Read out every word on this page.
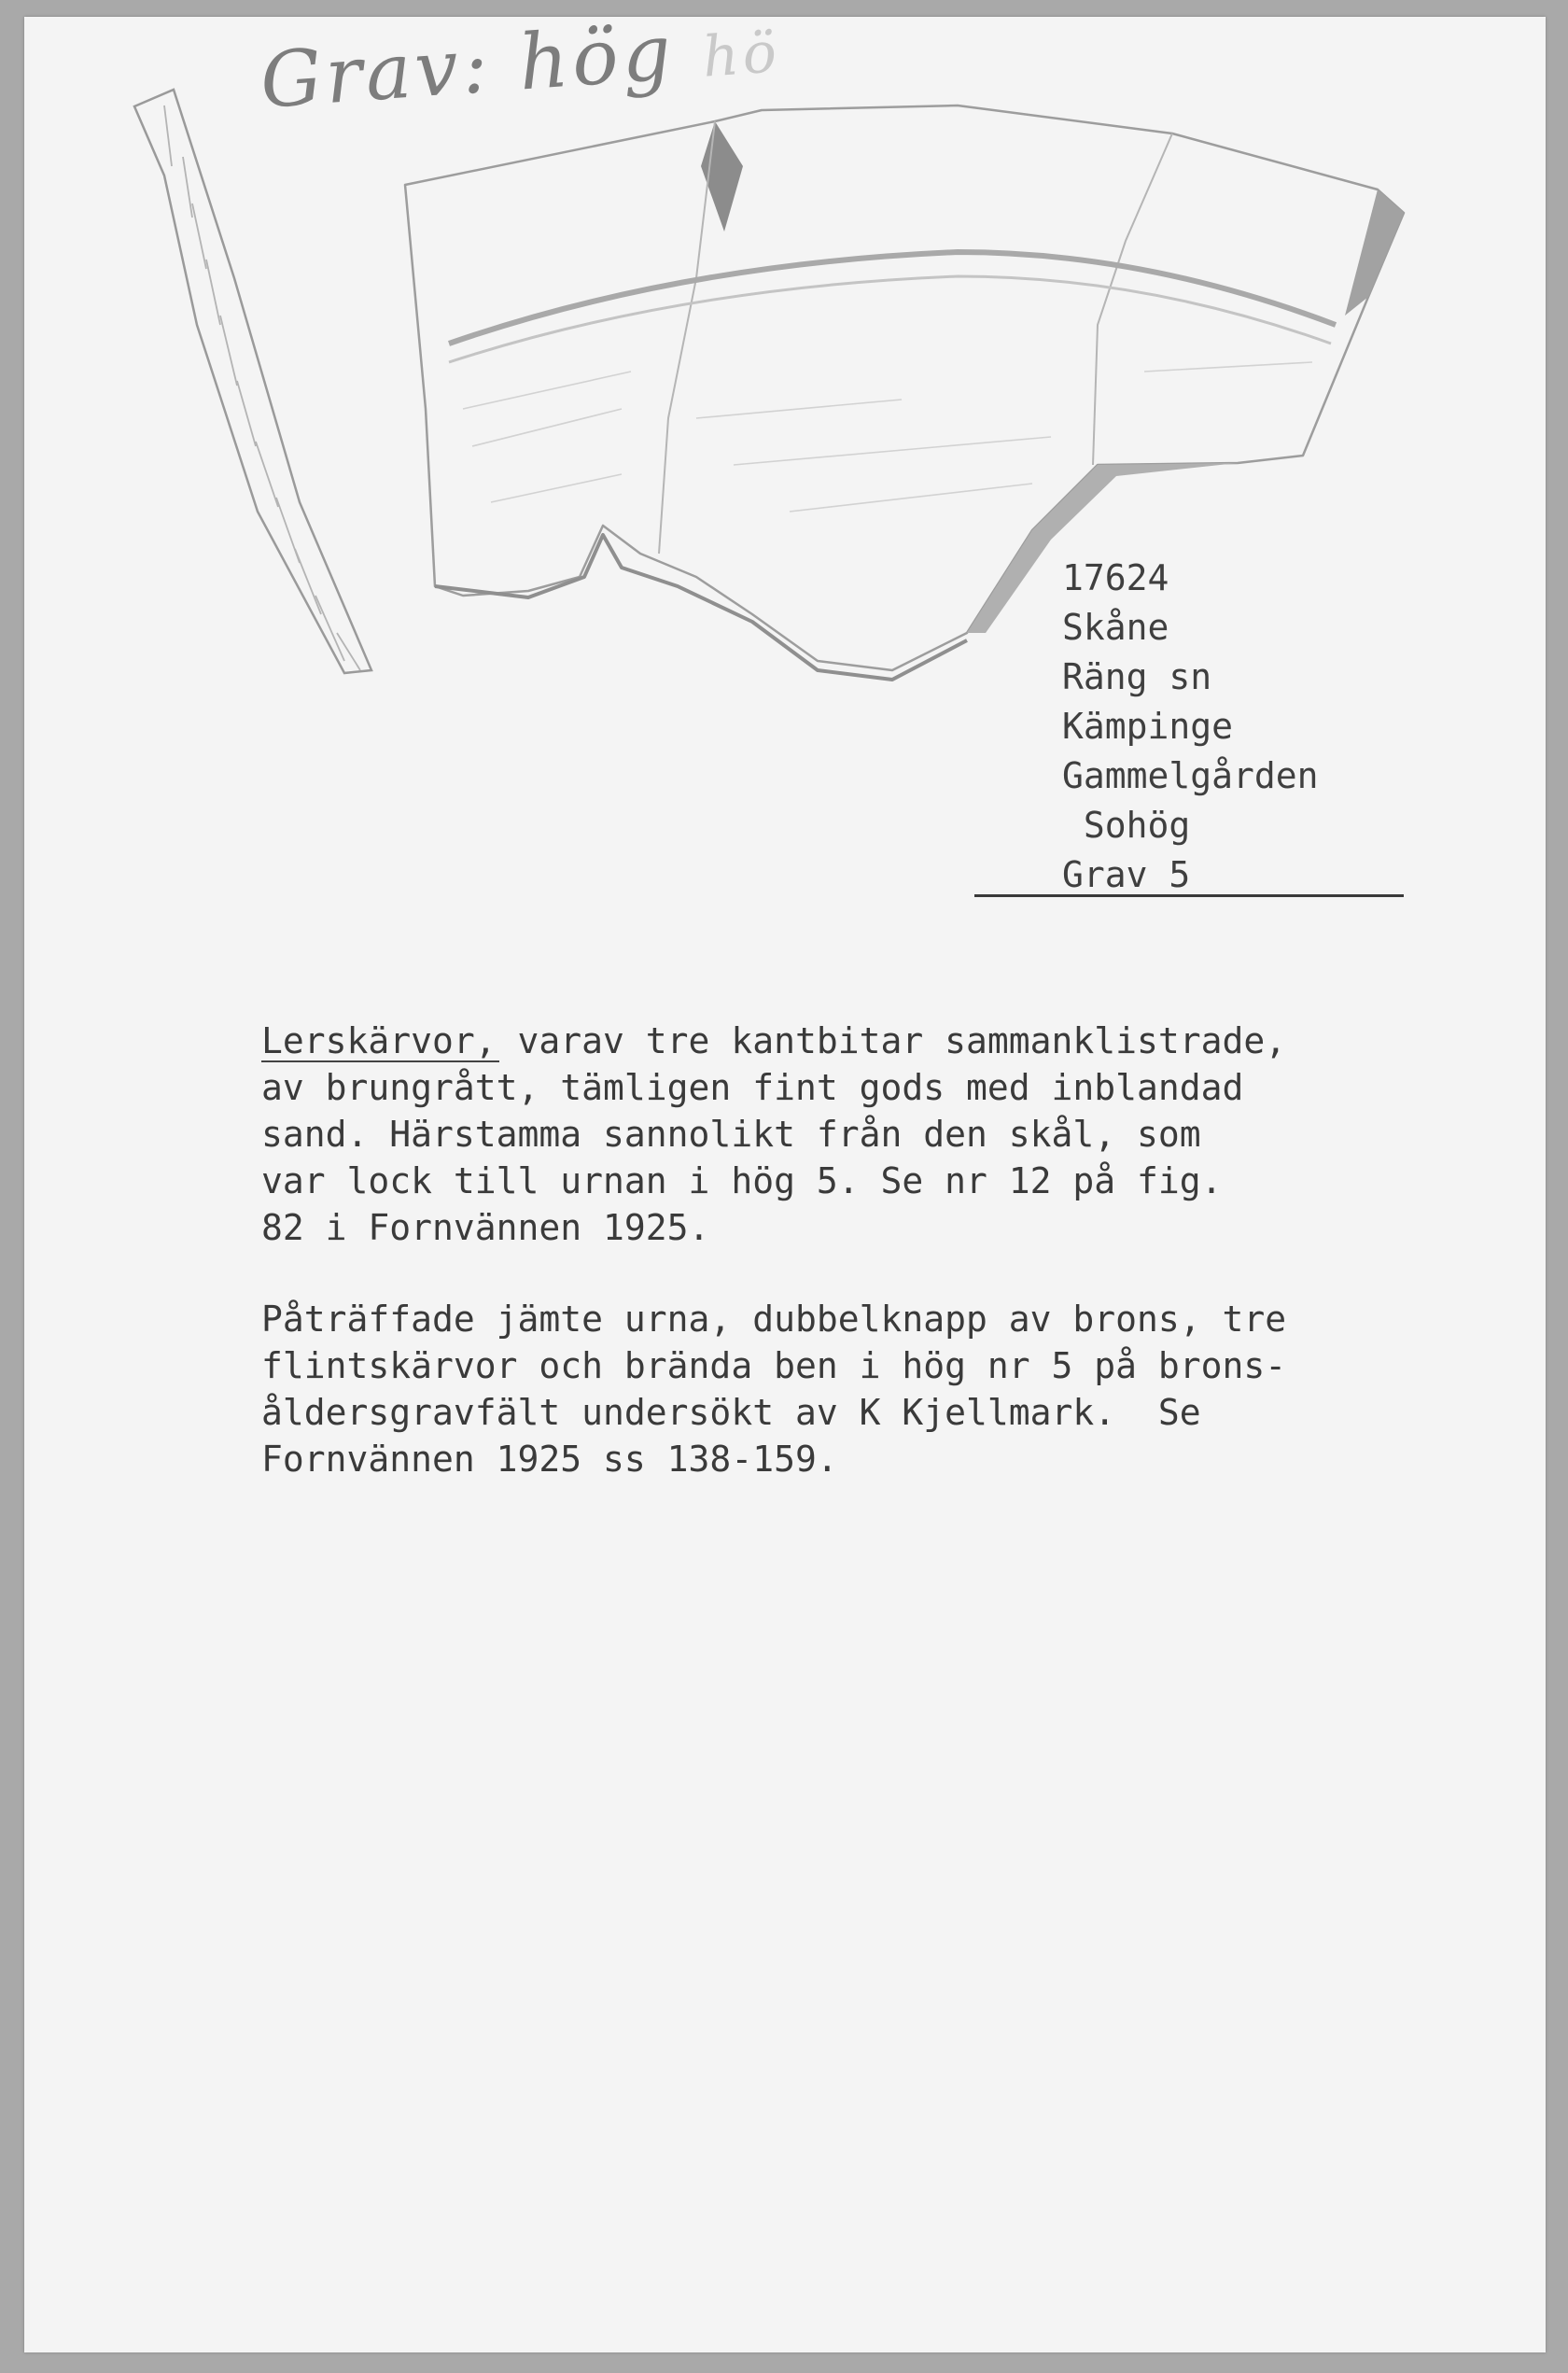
Grav: hög hö
17624
Skåne
Räng sn
Kämpinge
Gammelgården
Sohög
Grav 5
Lerskärvor, varav tre kantbitar sammanklistrade,
av brungrått, tämligen fint gods med inblandad
sand. Härstamma sannolikt från den skål, som
var lock till urnan i hög 5. Se nr 12 på fig.
82 i Fornvännen 1925.
Påträffade jämte urna, dubbelknapp av brons, tre
flintskärvor och brända ben i hög nr 5 på brons-
åldersgravfält undersökt av K Kjellmark.  Se
Fornvännen 1925 ss 138-159.
